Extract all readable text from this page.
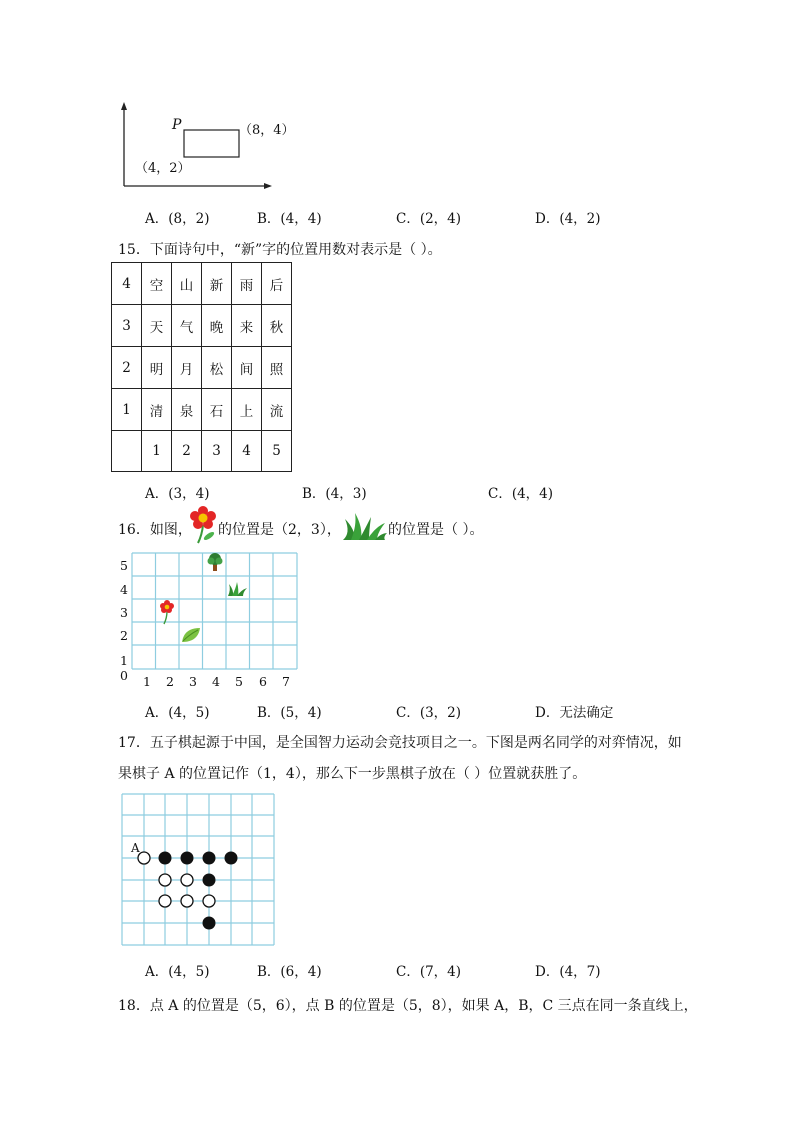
P	（8，4）
（4，2）
A．(8，2)	B．(4，4)	C．(2，4)	D．(4，2)
15．下面诗句中，“新”字的位置用数对表示是（ ）。
4	空	山	新	雨	后
3	天	气	晚	来	秋
2	明	月	松	间	照
1	清	泉	石	上	流
	1	2	3	4	5
A．(3，4)	B．(4，3)	C．(4，4)
16．如图， 的位置是（2，3），	的位置是（ ）。
5
4
3
2
1
0 1 2 3 4 5 6 7
A．(4，5)	B．(5，4)	C．(3，2)	D．无法确定
17．五子棋起源于中国，是全国智力运动会竞技项目之一。下图是两名同学的对弈情况，如
果棋子 A 的位置记作（1，4），那么下一步黑棋子放在（ ）位置就获胜了。
A
A．(4，5)	B．(6，4)	C．(7，4)	D．(4，7)
18．点 A 的位置是（5，6），点 B 的位置是（5，8），如果 A，B，C 三点在同一条直线上，
